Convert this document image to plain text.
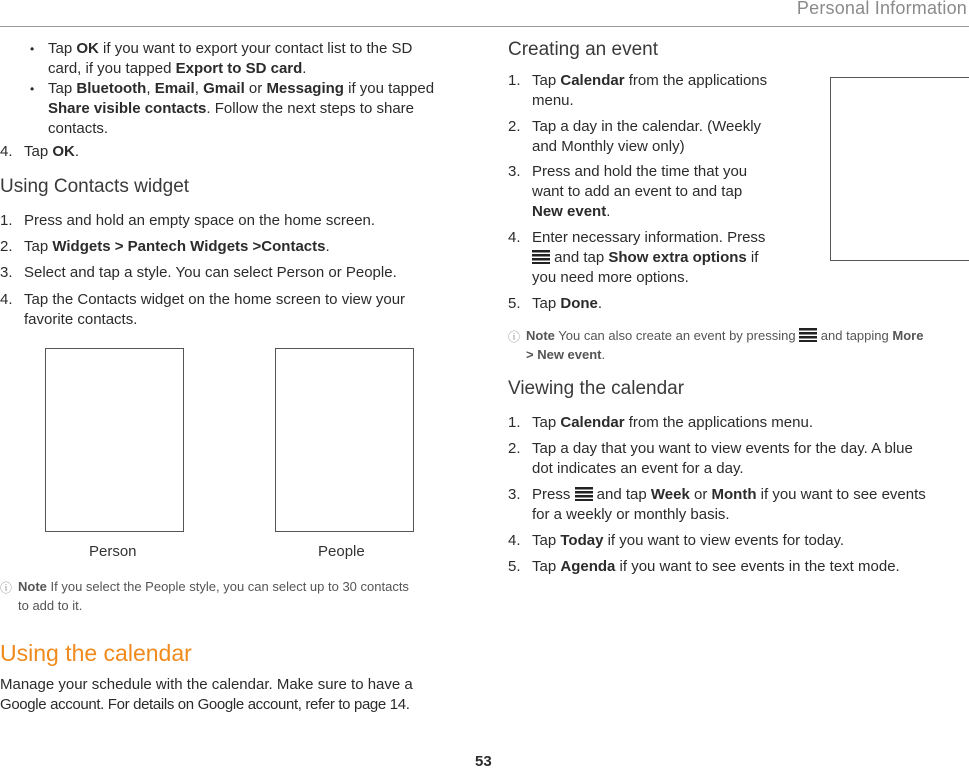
Personal Information
• Tap OK if you want to export your contact list to the SD
card, if you tapped Export to SD card.
• Tap Bluetooth, Email, Gmail or Messaging if you tapped
Share visible contacts. Follow the next steps to share
contacts.
4. Tap OK.
Using Contacts widget
1. Press and hold an empty space on the home screen.
2. Tap Widgets > Pantech Widgets >Contacts.
3. Select and tap a style. You can select Person or People.
4. Tap the Contacts widget on the home screen to view your
favorite contacts.
Person	People
ⓘ Note If you select the People style, you can select up to 30 contacts
to add to it.
Using the calendar
Manage your schedule with the calendar. Make sure to have a
Google account. For details on Google account, refer to page 14.
Creating an event
1. Tap Calendar from the applications
menu.
2. Tap a day in the calendar. (Weekly
and Monthly view only)
3. Press and hold the time that you
want to add an event to and tap
New event.
4. Enter necessary information. Press
and tap Show extra options if
you need more options.
5. Tap Done.
ⓘ Note You can also create an event by pressing  and tapping More
> New event.
Viewing the calendar
1. Tap Calendar from the applications menu.
2. Tap a day that you want to view events for the day. A blue
dot indicates an event for a day.
3. Press  and tap Week or Month if you want to see events
for a weekly or monthly basis.
4. Tap Today if you want to view events for today.
5. Tap Agenda if you want to see events in the text mode.
53
